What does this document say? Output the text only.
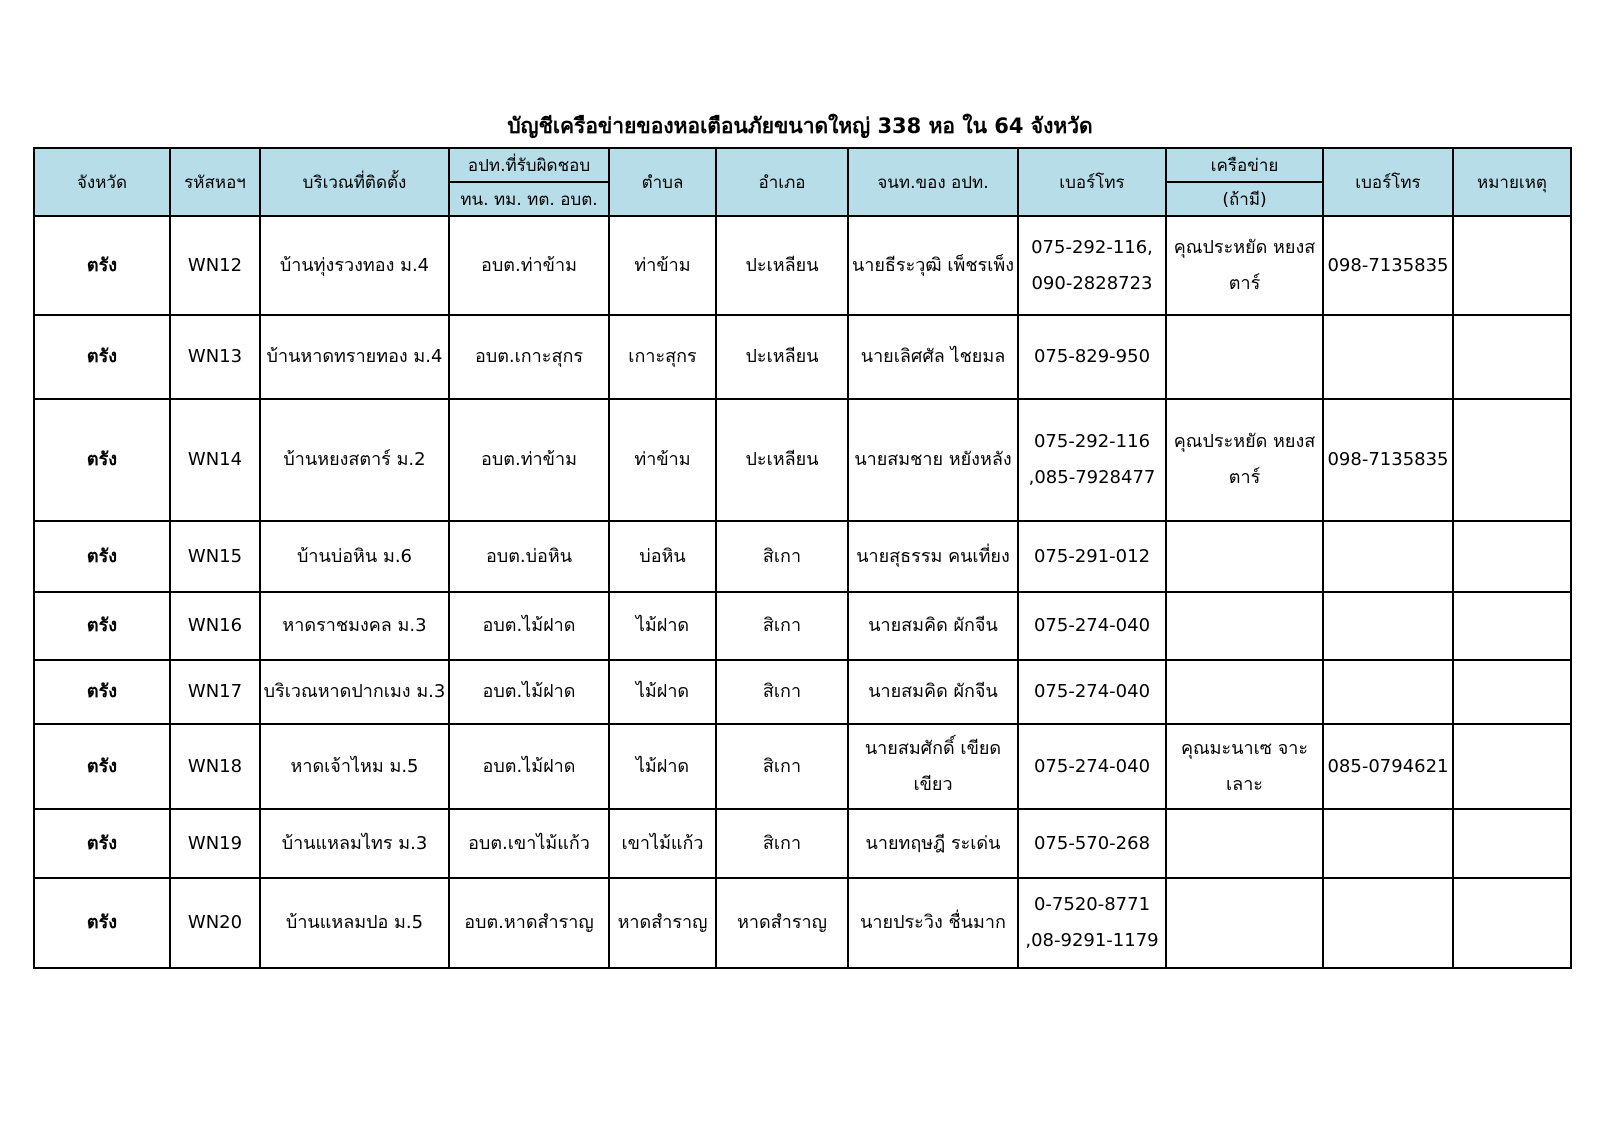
บัญชีเครือข่ายของหอเตือนภัยขนาดใหญ่ 338 หอ ใน 64 จังหวัด
จังหวัด	รหัสหอฯ	บริเวณที่ติดตั้ง	อปท.ที่รับผิดชอบ	ตำบล	อำเภอ	จนท.ของ อปท.	เบอร์โทร	เครือข่าย	เบอร์โทร	หมายเหตุ
			ทน. ทม. ทต. อบต.					(ถ้ามี)		
ตรัง	WN12	บ้านทุ่งรวงทอง ม.4	อบต.ท่าข้าม	ท่าข้าม	ปะเหลียน	นายธีระวุฒิ เพ็ชรเพ็ง	075-292-116, 090-2828723	คุณประหยัด หยงสตาร์	098-7135835	
ตรัง	WN13	บ้านหาดทรายทอง ม.4	อบต.เกาะสุกร	เกาะสุกร	ปะเหลียน	นายเลิศศัล ไชยมล	075-829-950			
ตรัง	WN14	บ้านหยงสตาร์ ม.2	อบต.ท่าข้าม	ท่าข้าม	ปะเหลียน	นายสมชาย หยังหลัง	075-292-116 ,085-7928477	คุณประหยัด หยงสตาร์	098-7135835	
ตรัง	WN15	บ้านบ่อหิน ม.6	อบต.บ่อหิน	บ่อหิน	สิเกา	นายสุธรรม คนเที่ยง	075-291-012			
ตรัง	WN16	หาดราชมงคล ม.3	อบต.ไม้ฝาด	ไม้ฝาด	สิเกา	นายสมคิด ผักจีน	075-274-040			
ตรัง	WN17	บริเวณหาดปากเมง ม.3	อบต.ไม้ฝาด	ไม้ฝาด	สิเกา	นายสมคิด ผักจีน	075-274-040			
ตรัง	WN18	หาดเจ้าไหม ม.5	อบต.ไม้ฝาด	ไม้ฝาด	สิเกา	นายสมศักดิ์ เขียดเขียว	075-274-040	คุณมะนาเซ จาะเลาะ	085-0794621	
ตรัง	WN19	บ้านแหลมไทร ม.3	อบต.เขาไม้แก้ว	เขาไม้แก้ว	สิเกา	นายทฤษฎี ระเด่น	075-570-268			
ตรัง	WN20	บ้านแหลมปอ ม.5	อบต.หาดสำราญ	หาดสำราญ	หาดสำราญ	นายประวิง ชื่นมาก	0-7520-8771 ,08-9291-1179			
